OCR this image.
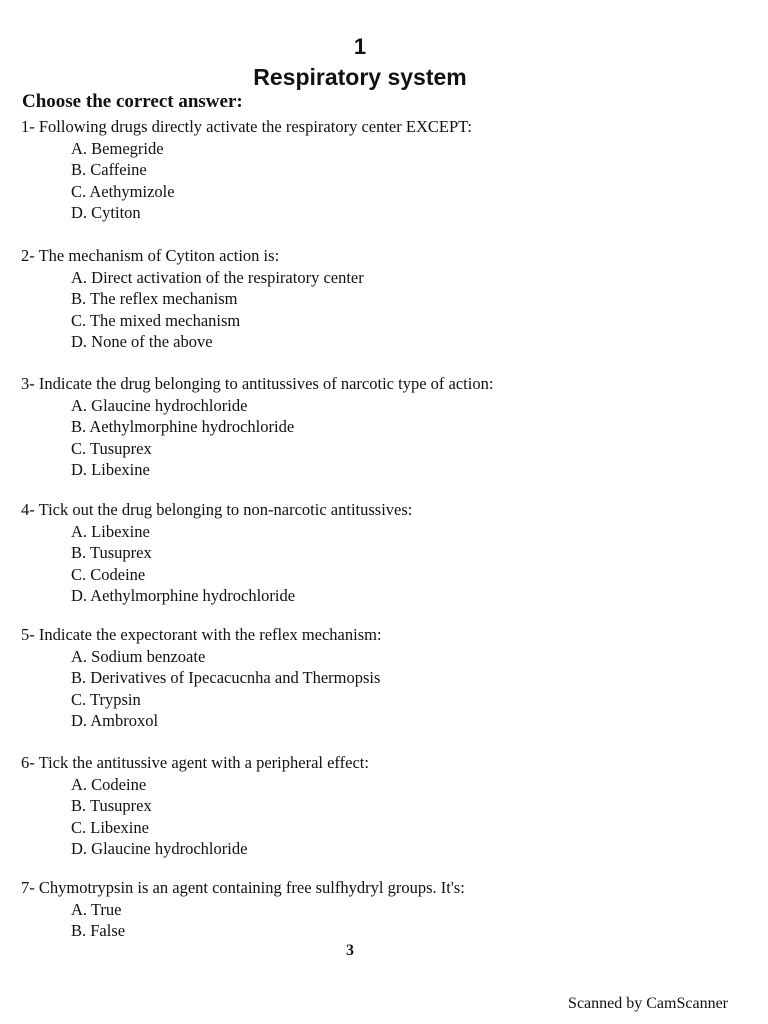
1
Respiratory system
Choose the correct answer:
1- Following drugs directly activate the respiratory center EXCEPT:
A. Bemegride
B. Caffeine
C. Aethymizole
D. Cytiton
2- The mechanism of Cytiton action is:
A. Direct activation of the respiratory center
B. The reflex mechanism
C. The mixed mechanism
D. None of the above
3- Indicate the drug belonging to antitussives of narcotic type of action:
A. Glaucine hydrochloride
B. Aethylmorphine hydrochloride
C. Tusuprex
D. Libexine
4- Tick out the drug belonging to non-narcotic antitussives:
A. Libexine
B. Tusuprex
C. Codeine
D. Aethylmorphine hydrochloride
5- Indicate the expectorant with the reflex mechanism:
A. Sodium benzoate
B. Derivatives of Ipecacucnha and Thermopsis
C. Trypsin
D. Ambroxol
6- Tick the antitussive agent with a peripheral effect:
A. Codeine
B. Tusuprex
C. Libexine
D. Glaucine hydrochloride
7- Chymotrypsin is an agent containing free sulfhydryl groups. It's:
A. True
B. False
3
Scanned by CamScanner
